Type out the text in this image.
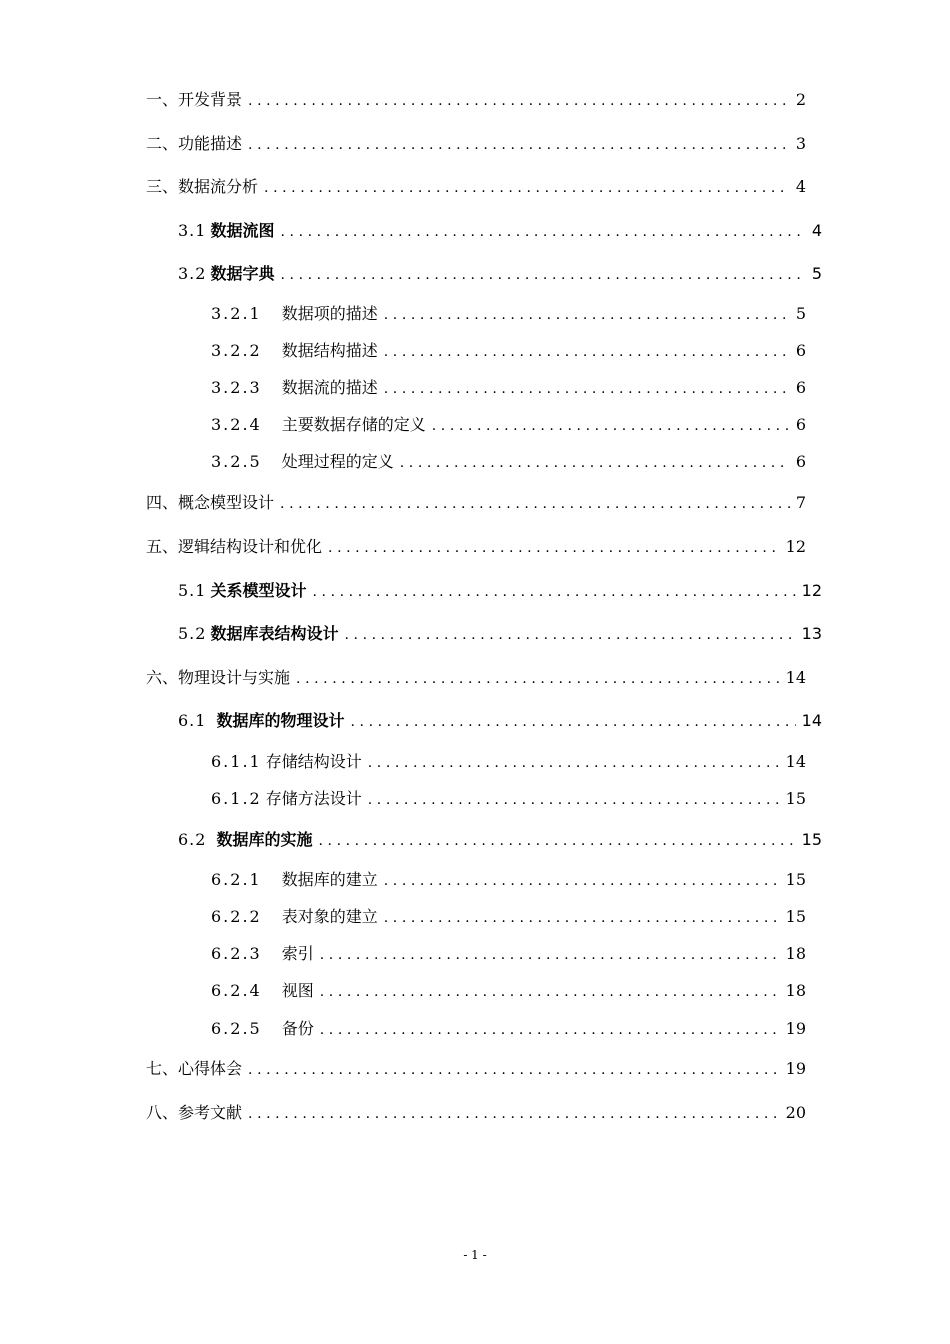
一、开发背景 .....	2
二、功能描述 .....	3
三、数据流分析 .....	4
3.1 数据流图 .....	4
3.2 数据字典 .....	5
3.2.1 数据项的描述 .....	5
3.2.2 数据结构描述 .....	6
3.2.3 数据流的描述 .....	6
3.2.4 主要数据存储的定义 .....	6
3.2.5 处理过程的定义 .....	6
四、概念模型设计 .....	7
五、逻辑结构设计和优化 .....	12
5.1 关系模型设计 .....	12
5.2 数据库表结构设计 .....	13
六、物理设计与实施 .....	14
6.1 数据库的物理设计 .....	14
6.1.1 存储结构设计 .....	14
6.1.2 存储方法设计 .....	15
6.2 数据库的实施 .....	15
6.2.1 数据库的建立 .....	15
6.2.2 表对象的建立 .....	15
6.2.3 索引 .....	18
6.2.4 视图 .....	18
6.2.5 备份 .....	19
七、心得体会 .....	19
八、参考文献 .....	20
- 1 -
